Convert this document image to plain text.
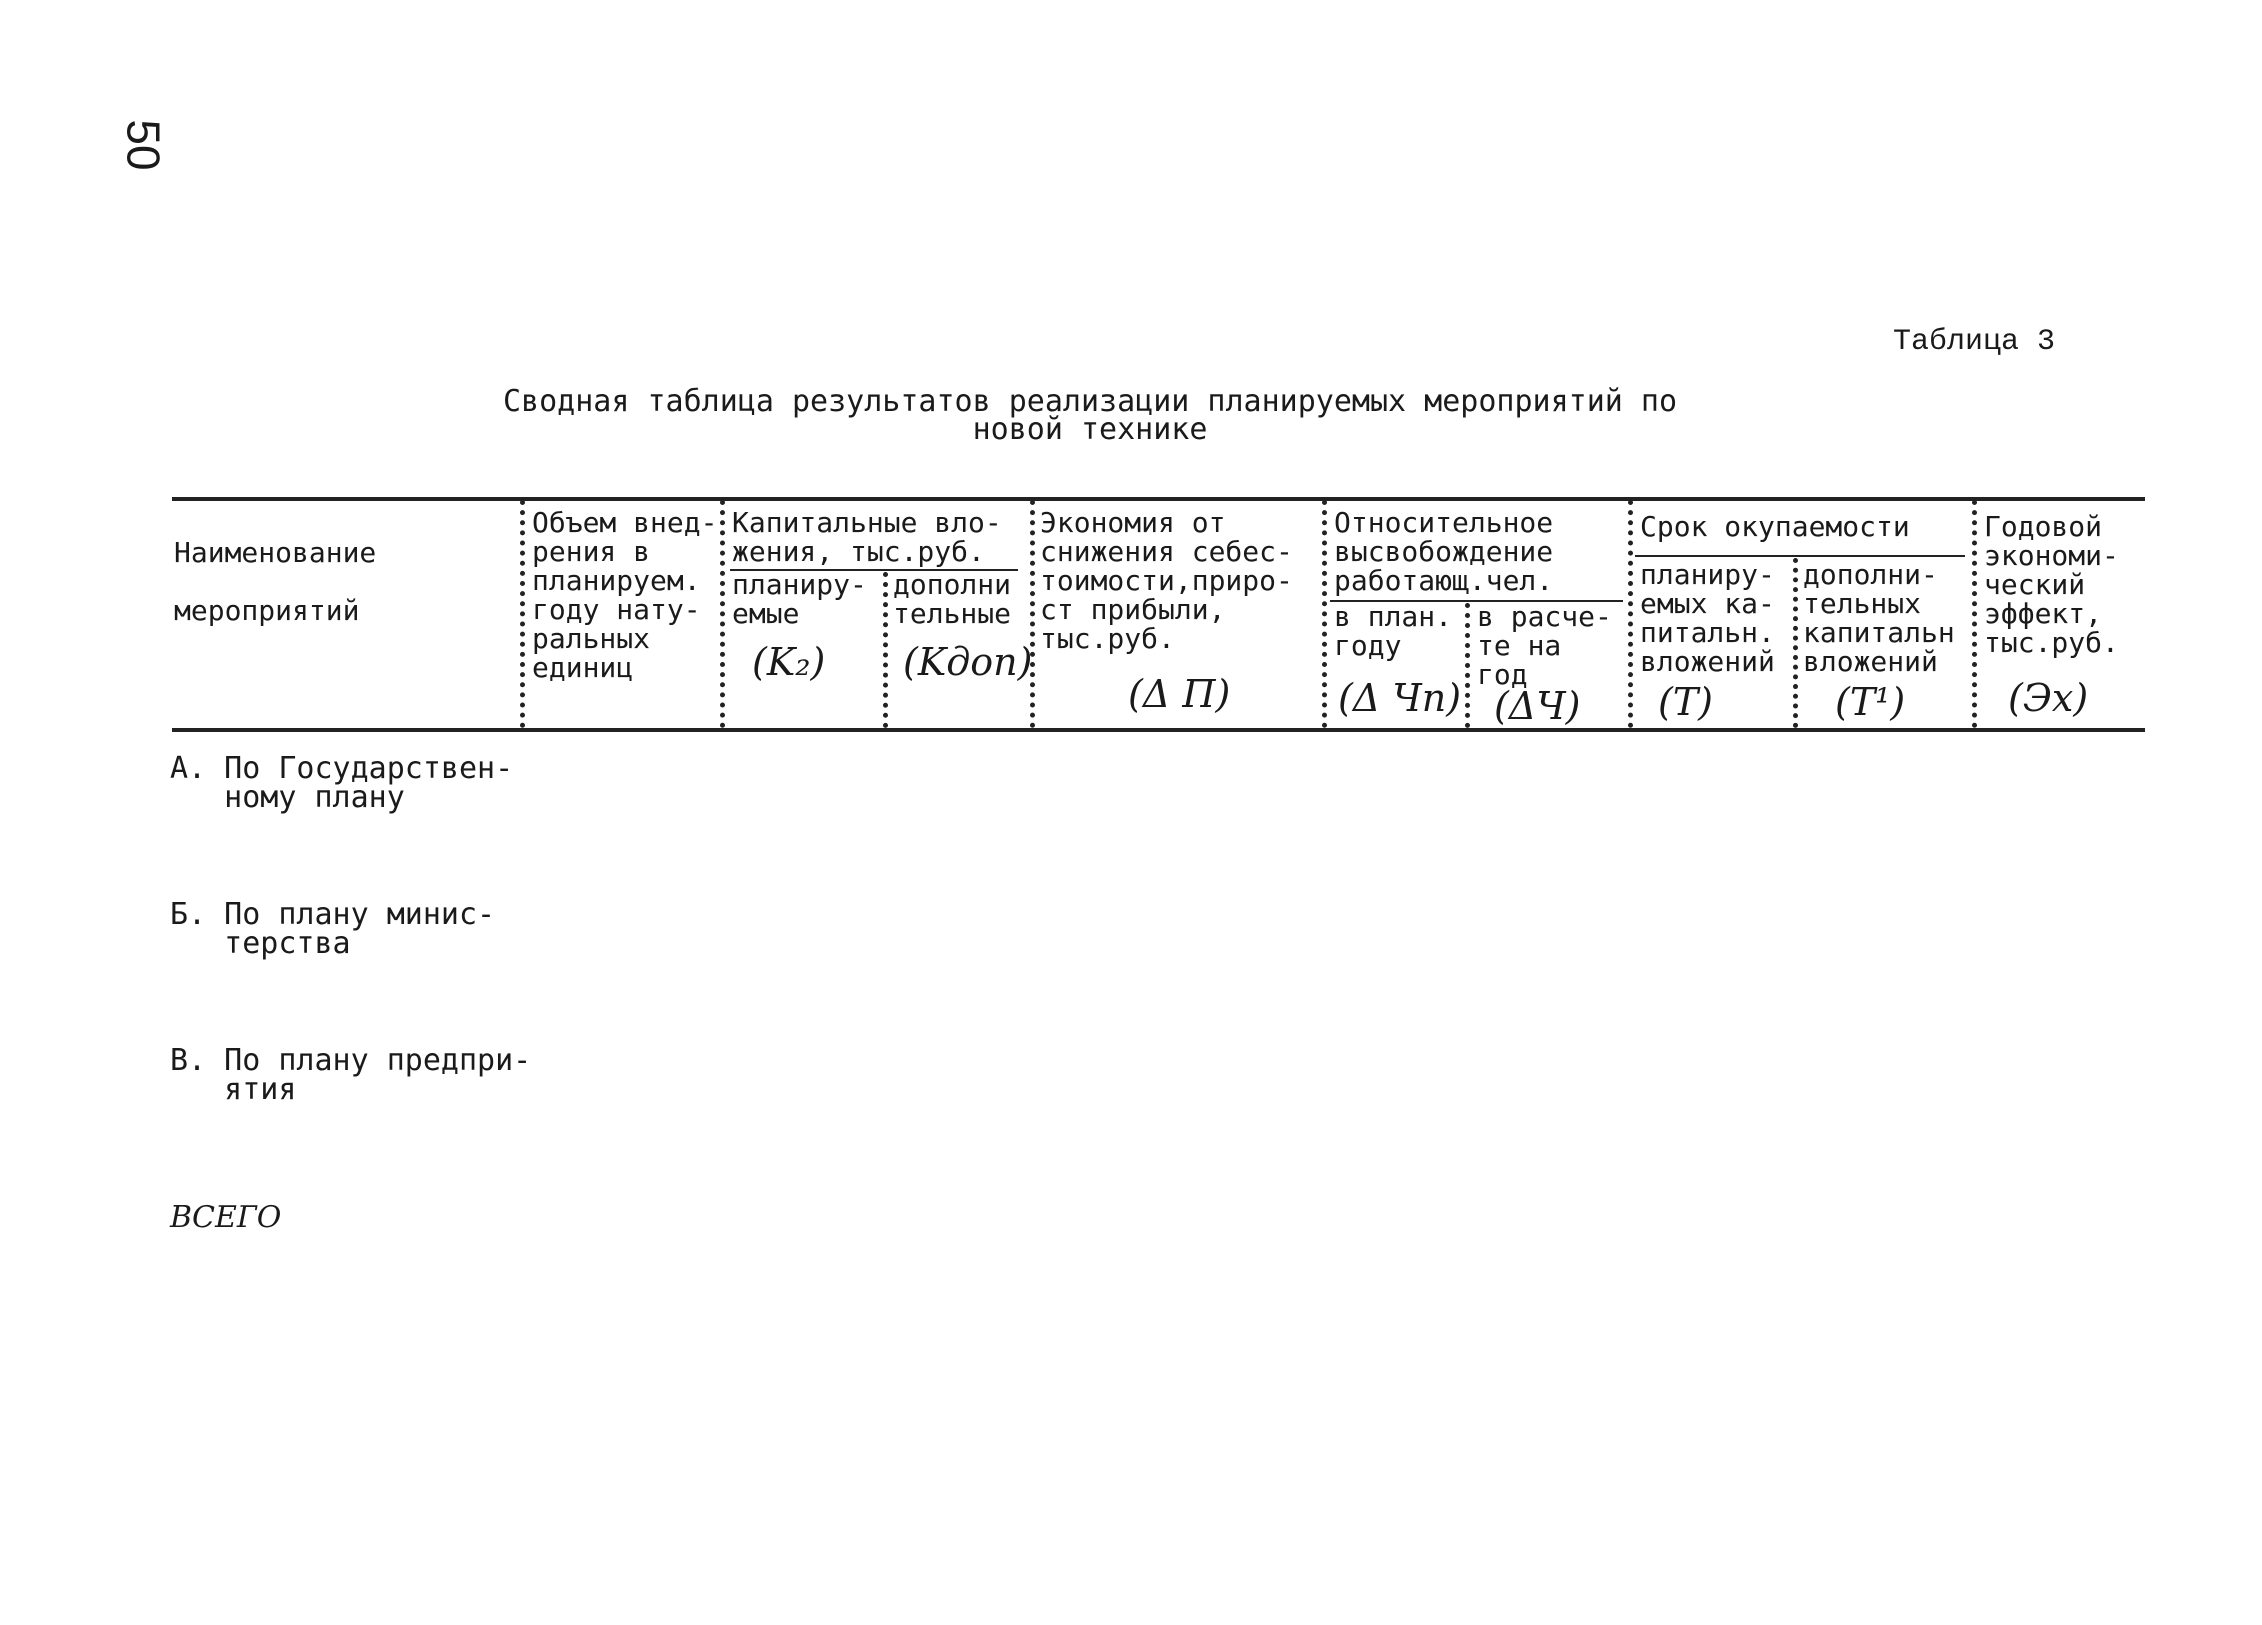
50
Таблица 3
Сводная таблица результатов реализации планируемых мероприятий по
новой технике
Наименование
мероприятий
Объем внед-
рения в
планируем.
году нату-
ральных
единиц
Капитальные вло-
жения, тыс.руб.
планиру-
емые
(K₂)
дополни
тельные
(Kдоп)
Экономия от
снижения себес-
тоимости,приро-
ст прибыли,
тыс.руб.
(Δ П)
Относительное
высвобождение
работающ.чел.
в план.
году
(Δ Чп)
в расче-
те на
год
(ΔЧ)
Срок окупаемости
планиру-
емых ка-
питальн.
вложений
(Т)
дополни-
тельных
капитальн
вложений
(Т¹)
Годовой
экономи-
ческий
эффект,
тыс.руб.
(Эх)
А. По Государствен-
ному плану
Б. По плану минис-
терства
В. По плану предпри-
ятия
ВСЕГО
